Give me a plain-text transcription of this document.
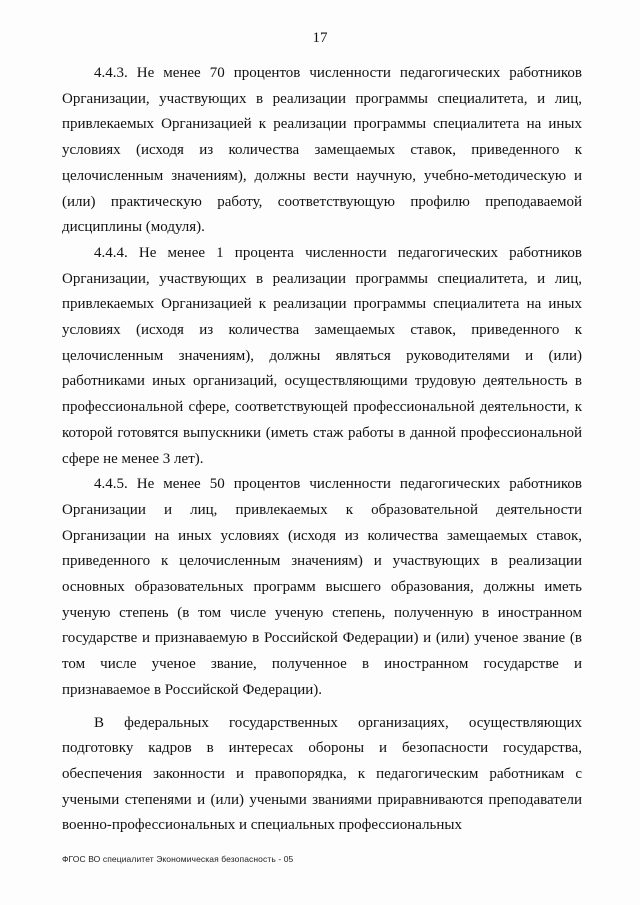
17

4.4.3. Не менее 70 процентов численности педагогических работников Организации, участвующих в реализации программы специалитета, и лиц, привлекаемых Организацией к реализации программы специалитета на иных условиях (исходя из количества замещаемых ставок, приведенного к целочисленным значениям), должны вести научную, учебно-методическую и (или) практическую работу, соответствующую профилю преподаваемой дисциплины (модуля).

4.4.4. Не менее 1 процента численности педагогических работников Организации, участвующих в реализации программы специалитета, и лиц, привлекаемых Организацией к реализации программы специалитета на иных условиях (исходя из количества замещаемых ставок, приведенного к целочисленным значениям), должны являться руководителями и (или) работниками иных организаций, осуществляющими трудовую деятельность в профессиональной сфере, соответствующей профессиональной деятельности, к которой готовятся выпускники (иметь стаж работы в данной профессиональной сфере не менее 3 лет).

4.4.5. Не менее 50 процентов численности педагогических работников Организации и лиц, привлекаемых к образовательной деятельности Организации на иных условиях (исходя из количества замещаемых ставок, приведенного к целочисленным значениям) и участвующих в реализации основных образовательных программ высшего образования, должны иметь ученую степень (в том числе ученую степень, полученную в иностранном государстве и признаваемую в Российской Федерации) и (или) ученое звание (в том числе ученое звание, полученное в иностранном государстве и признаваемое в Российской Федерации).

В федеральных государственных организациях, осуществляющих подготовку кадров в интересах обороны и безопасности государства, обеспечения законности и правопорядка, к педагогическим работникам с учеными степенями и (или) учеными званиями приравниваются преподаватели военно-профессиональных и специальных профессиональных

ФГОС ВО специалитет Экономическая безопасность - 05
